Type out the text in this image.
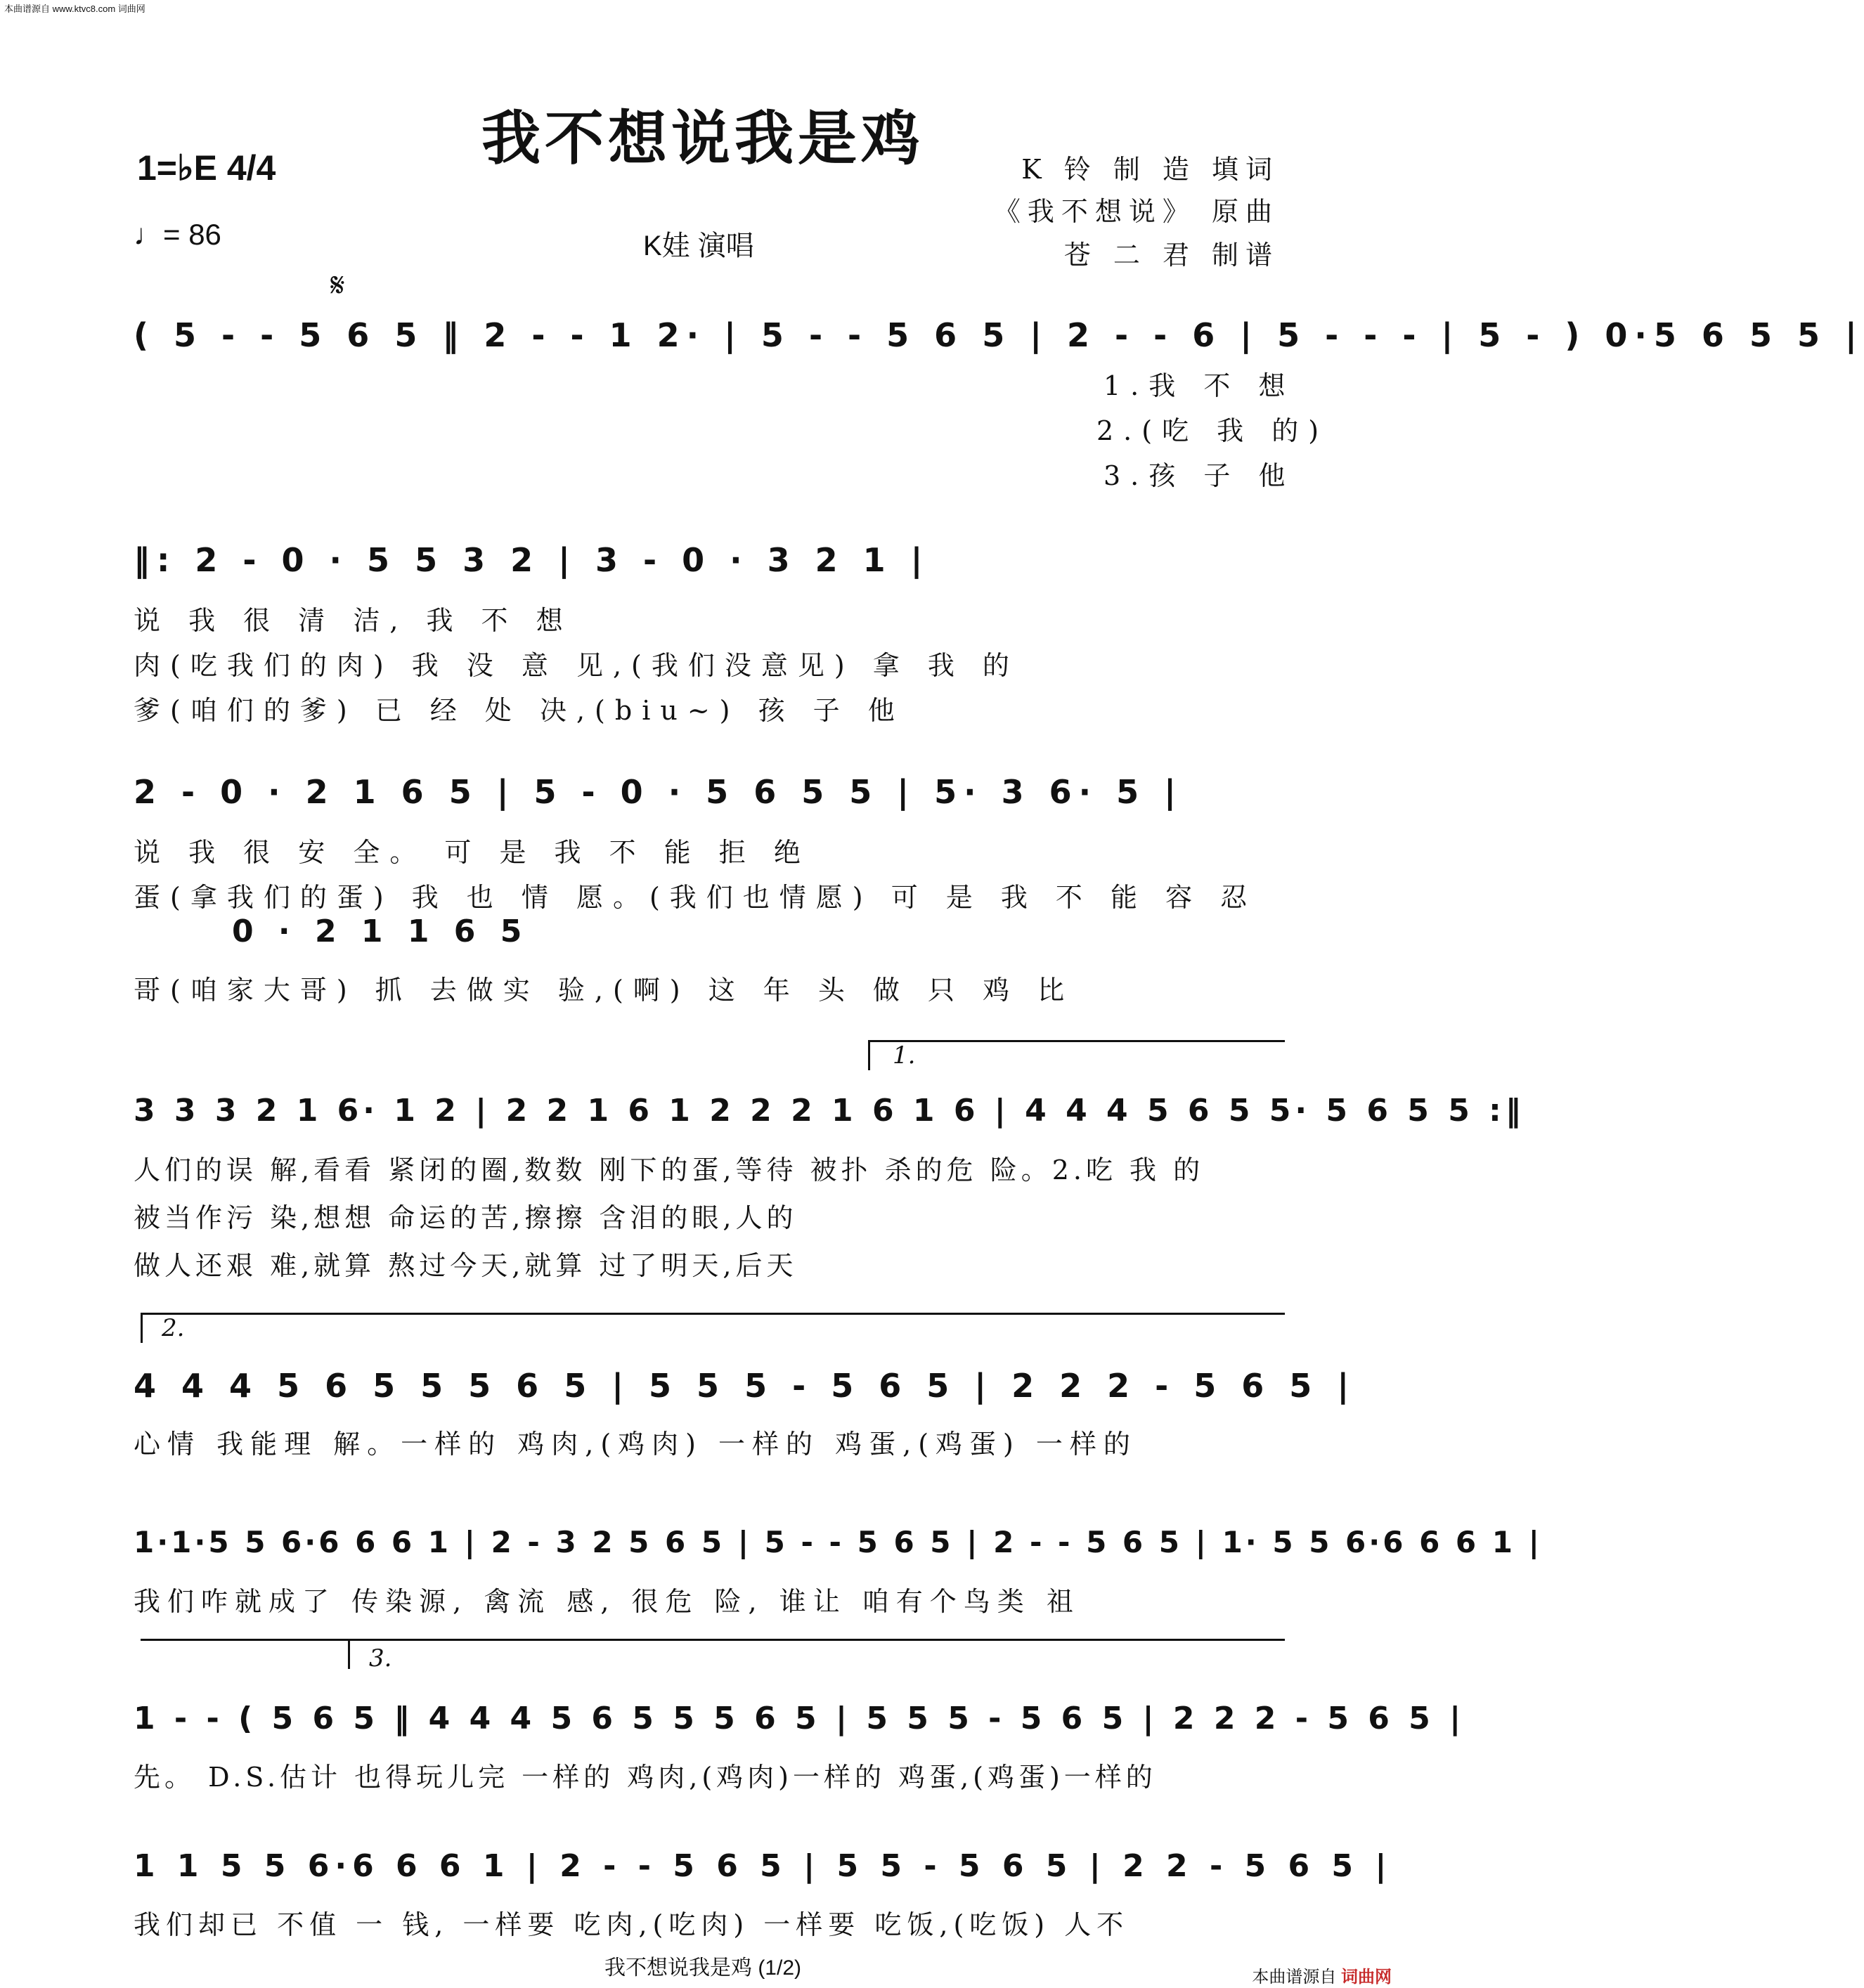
本曲谱源自 www.ktvc8.com 词曲网
我不想说我是鸡
1=♭E 4/4
♩= 86	K娃 演唱
K 铃 制 造 填词
《我不想说》 原曲
苍 二 君 制谱
𝄋
( 5 - - 5 6 5 ‖ 2 - - 1 2· | 5 - - 5 6 5 | 2 - - 6 | 5 - - - | 5 - ) 0·5 6 5 5 |
1.我 不 想
2.(吃 我 的)
3.孩 子 他
‖: 2 - 0 · 5 5 3 2 | 3 - 0 · 3 2 1 |
说 我 很 清 洁, 我 不 想
肉(吃我们的肉) 我 没 意 见,(我们没意见) 拿 我 的
爹(咱们的爹) 已 经 处 决,(biu~) 孩 子 他
2 - 0 · 2 1 6 5 | 5 - 0 · 5 6 5 5 | 5· 3 6· 5 |
说 我 很 安 全。 可 是 我 不 能 拒 绝
蛋(拿我们的蛋) 我 也 情 愿。(我们也情愿) 可 是 我 不 能 容 忍
0 · 2 1 1 6 5
哥(咱家大哥) 抓 去做实 验,(啊) 这 年 头 做 只 鸡 比
1.
3 3 3 2 1 6· 1 2 | 2 2 1 6 1 2 2 2 1 6 1 6 | 4 4 4 5 6 5 5· 5 6 5 5 :‖
人们的误 解,看看 紧闭的圈,数数 刚下的蛋,等待 被扑 杀的危 险。2.吃 我 的
被当作污 染,想想 命运的苦,擦擦 含泪的眼,人的
做人还艰 难,就算 熬过今天,就算 过了明天,后天
2.
4 4 4 5 6 5 5 5 6 5 | 5 5 5 - 5 6 5 | 2 2 2 - 5 6 5 |
心情 我能理 解。一样的 鸡肉,(鸡肉) 一样的 鸡蛋,(鸡蛋) 一样的
1·1·5 5 6·6 6 6 1 | 2 - 3 2 5 6 5 | 5 - - 5 6 5 | 2 - - 5 6 5 | 1· 5 5 6·6 6 6 1 |
我们咋就成了 传染源, 禽流 感, 很危 险, 谁让 咱有个鸟类 祖
3.
1 - - ( 5 6 5 ‖ 4 4 4 5 6 5 5 5 6 5 | 5 5 5 - 5 6 5 | 2 2 2 - 5 6 5 |
先。 D.S.估计 也得玩儿完 一样的 鸡肉,(鸡肉)一样的 鸡蛋,(鸡蛋)一样的
1 1 5 5 6·6 6 6 1 | 2 - - 5 6 5 | 5 5 - 5 6 5 | 2 2 - 5 6 5 |
我们却已 不值 一 钱, 一样要 吃肉,(吃肉) 一样要 吃饭,(吃饭) 人不
我不想说我是鸡 (1/2)	本曲谱源自 词曲网
